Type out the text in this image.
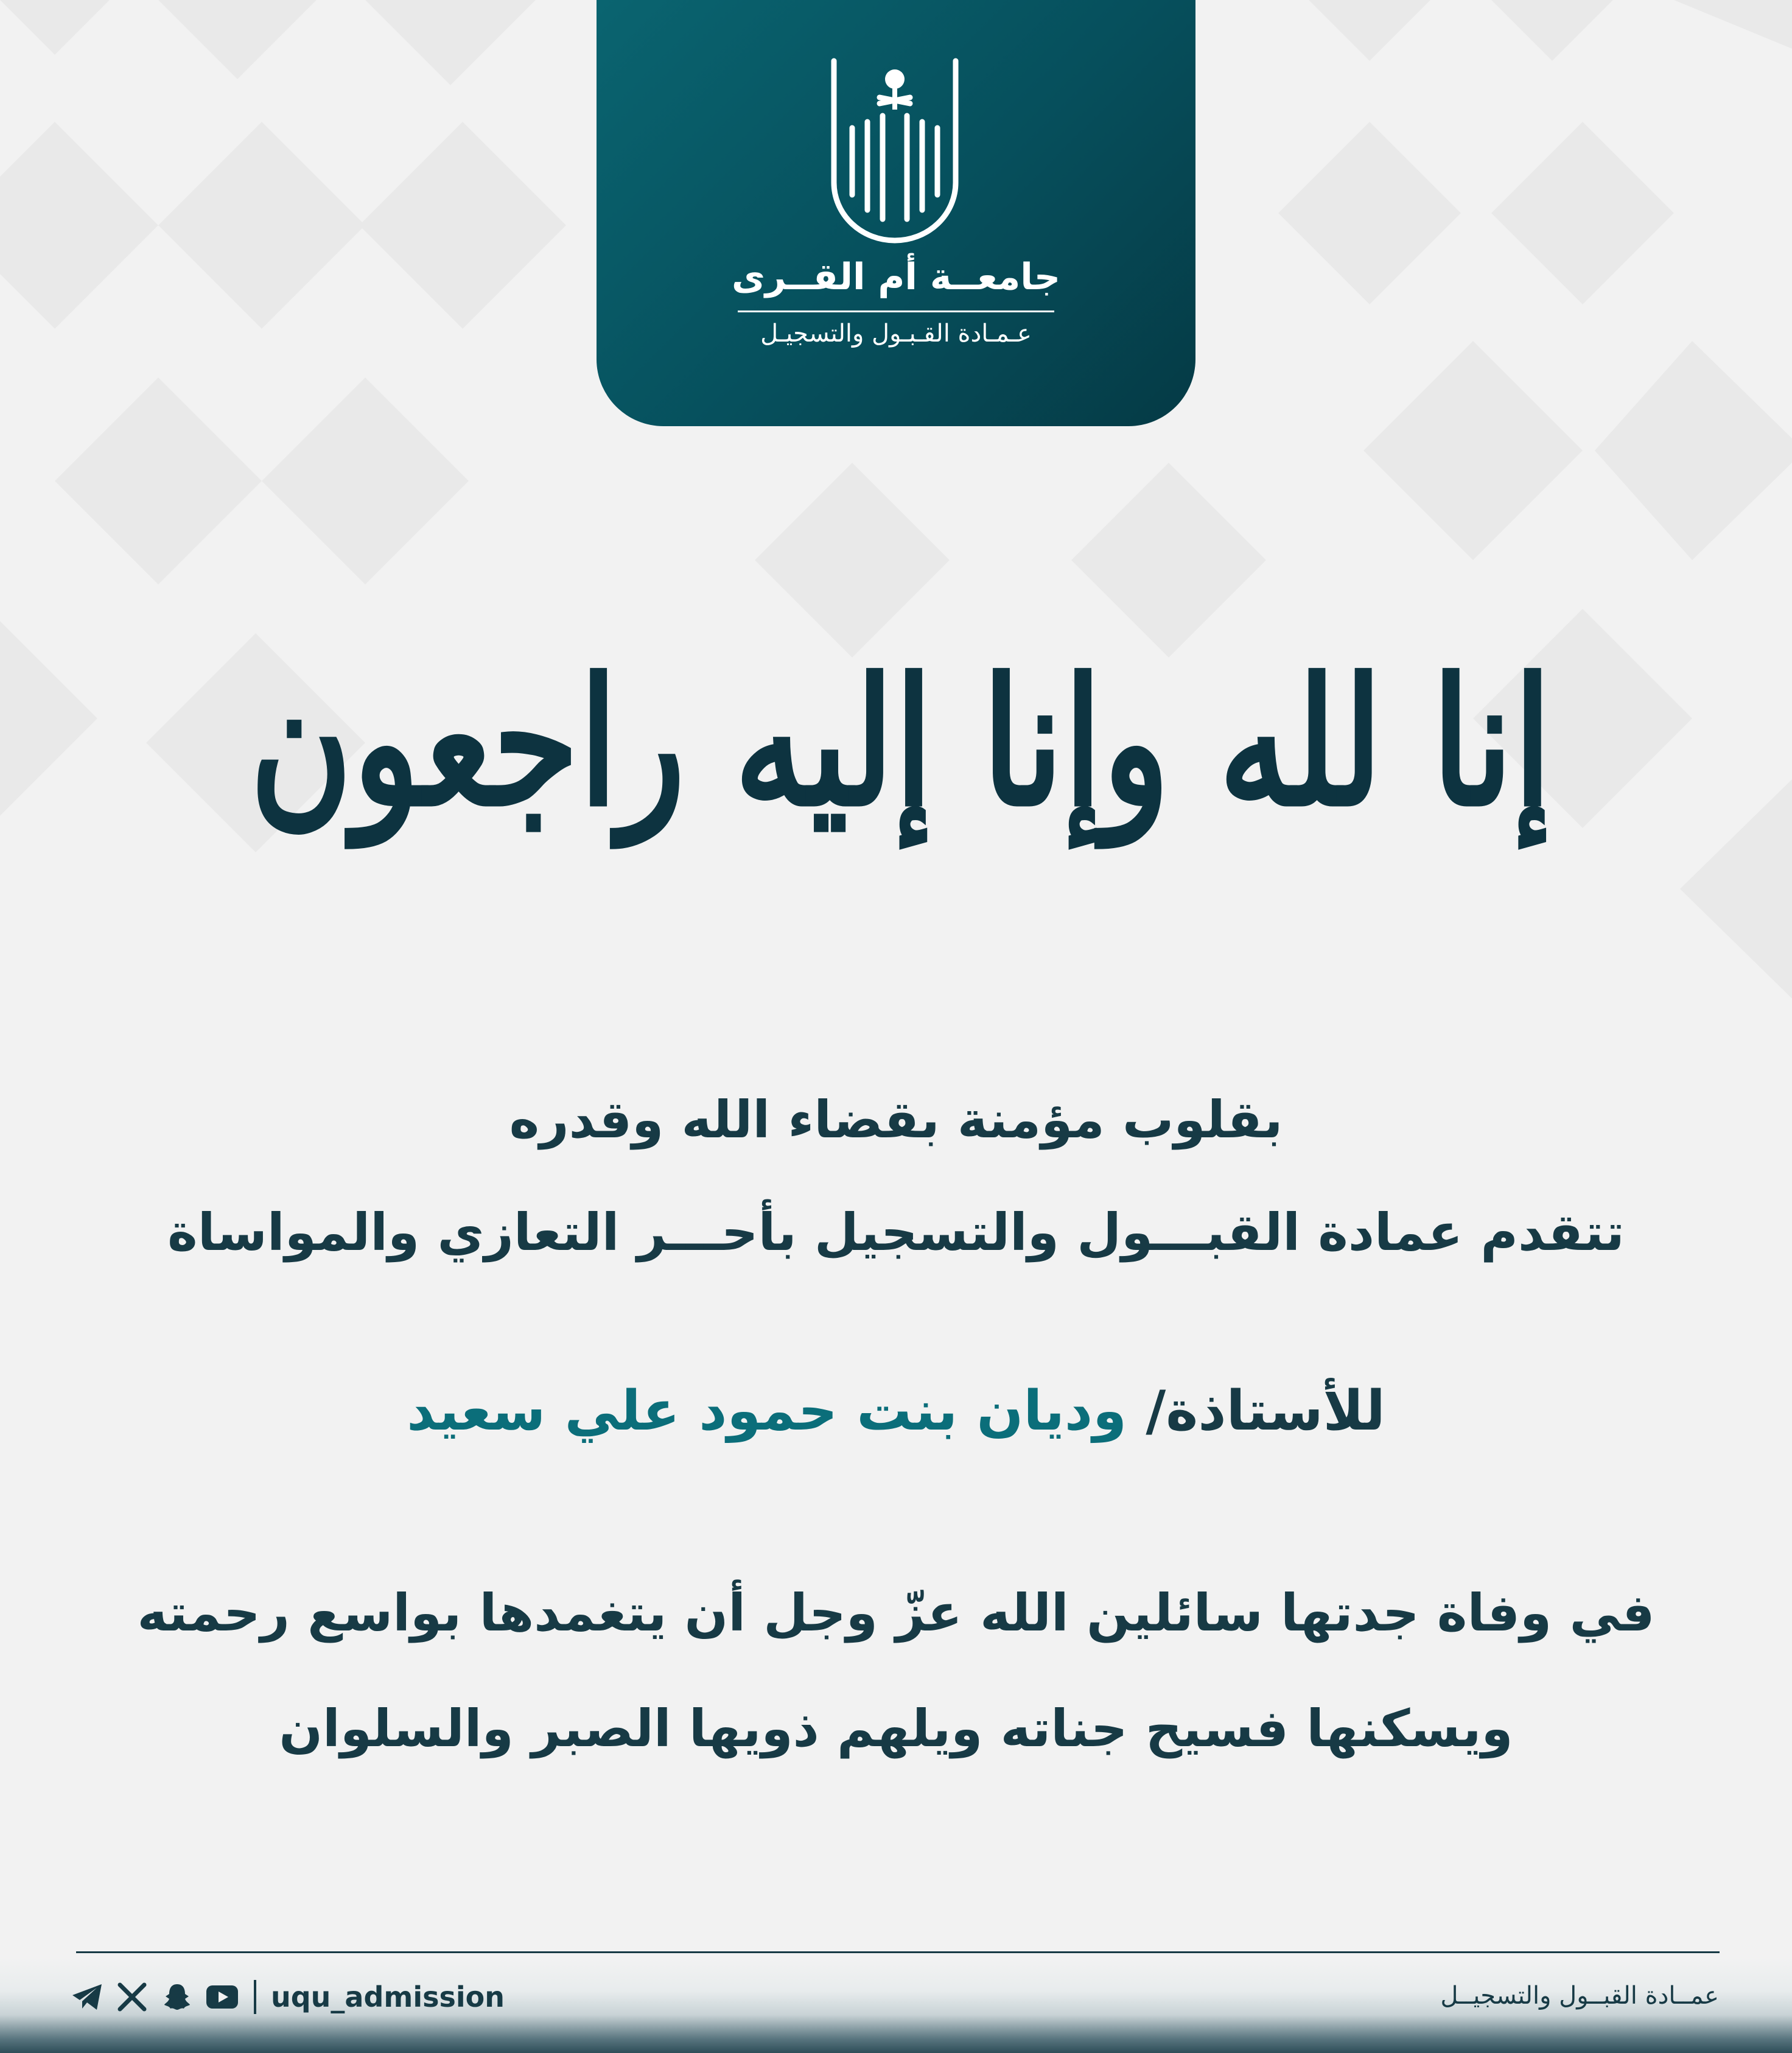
جامعــة أم القــرى
عـمـادة القـبـول والتسجيـل
إنا لله وإنا إليه راجعون
بقلوب مؤمنة بقضاء الله وقدره
تتقدم عمادة القبـــول والتسجيل بأحـــر التعازي والمواساة
للأستاذة/ وديان بنت حمود علي سعيد
في وفاة جدتها سائلين الله عزّ وجل أن يتغمدها بواسع رحمته
ويسكنها فسيح جناته ويلهم ذويها الصبر والسلوان
uqu_admission	عمــادة القبــول والتسجيــل
